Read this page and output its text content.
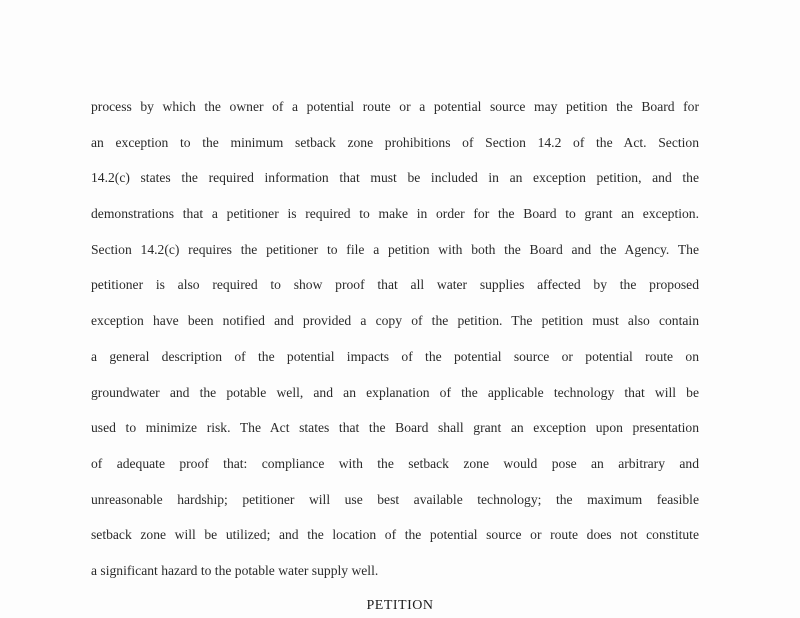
process by which the owner of a potential route or a potential source may petition the Board for
an exception to the minimum setback zone prohibitions of Section 14.2 of the Act. Section
14.2(c) states the required information that must be included in an exception petition, and the
demonstrations that a petitioner is required to make in order for the Board to grant an exception.
Section 14.2(c) requires the petitioner to file a petition with both the Board and the Agency. The
petitioner is also required to show proof that all water supplies affected by the proposed
exception have been notified and provided a copy of the petition. The petition must also contain
a general description of the potential impacts of the potential source or potential route on
groundwater and the potable well, and an explanation of the applicable technology that will be
used to minimize risk. The Act states that the Board shall grant an exception upon presentation
of adequate proof that: compliance with the setback zone would pose an arbitrary and
unreasonable hardship; petitioner will use best available technology; the maximum feasible
setback zone will be utilized; and the location of the potential source or route does not constitute
a significant hazard to the potable water supply well.
PETITION
